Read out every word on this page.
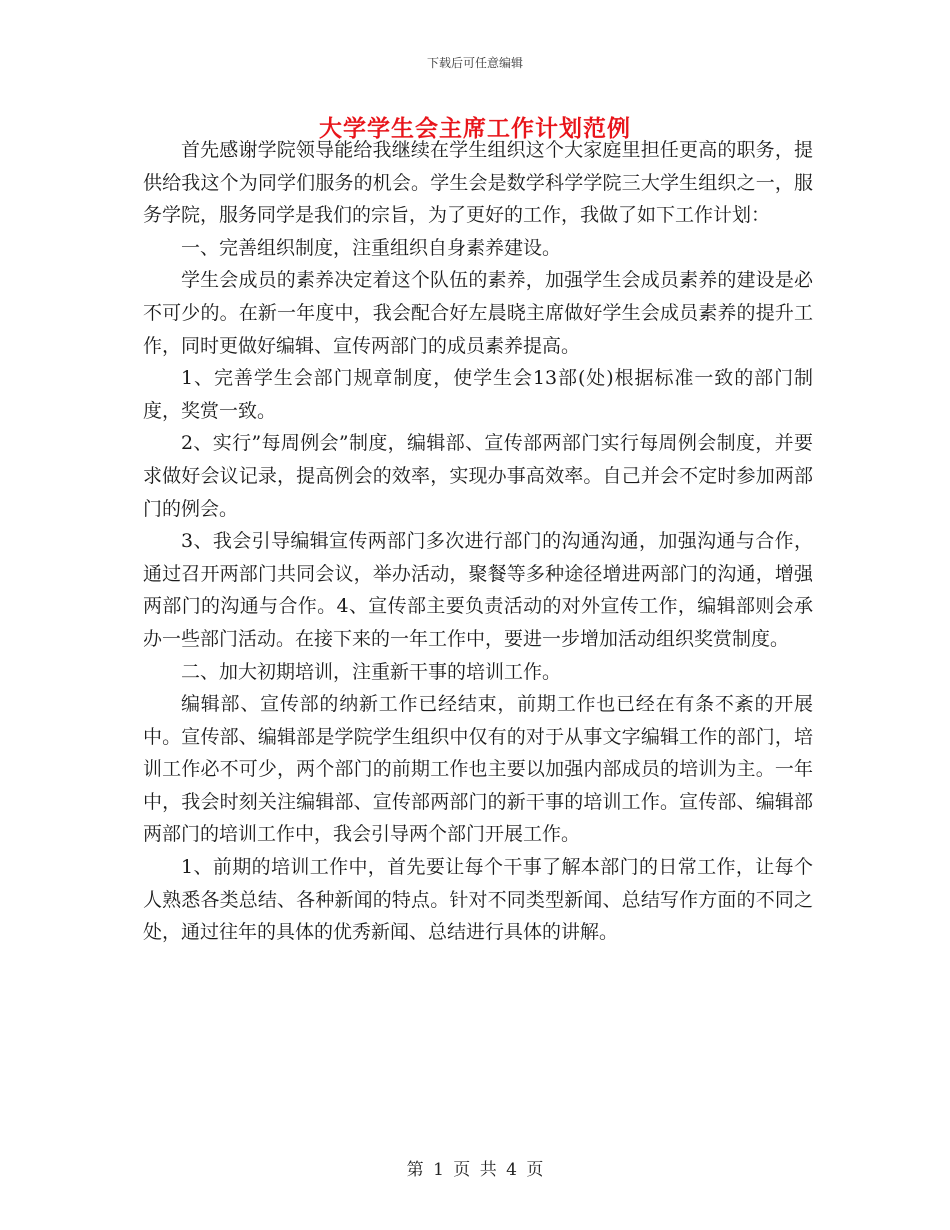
下载后可任意编辑
大学学生会主席工作计划范例

首先感谢学院领导能给我继续在学生组织这个大家庭里担任更高的职务，提供给我这个为同学们服务的机会。学生会是数学科学学院三大学生组织之一，服务学院，服务同学是我们的宗旨，为了更好的工作，我做了如下工作计划：

一、完善组织制度，注重组织自身素养建设。

学生会成员的素养决定着这个队伍的素养，加强学生会成员素养的建设是必不可少的。在新一年度中，我会配合好左晨晓主席做好学生会成员素养的提升工作，同时更做好编辑、宣传两部门的成员素养提高。

1、完善学生会部门规章制度，使学生会13部(处)根据标准一致的部门制度，奖赏一致。

2、实行”每周例会”制度，编辑部、宣传部两部门实行每周例会制度，并要求做好会议记录，提高例会的效率，实现办事高效率。自己并会不定时参加两部门的例会。

3、我会引导编辑宣传两部门多次进行部门的沟通沟通，加强沟通与合作，通过召开两部门共同会议，举办活动，聚餐等多种途径增进两部门的沟通，增强两部门的沟通与合作。4、宣传部主要负责活动的对外宣传工作，编辑部则会承办一些部门活动。在接下来的一年工作中，要进一步增加活动组织奖赏制度。

二、加大初期培训，注重新干事的培训工作。

编辑部、宣传部的纳新工作已经结束，前期工作也已经在有条不紊的开展中。宣传部、编辑部是学院学生组织中仅有的对于从事文字编辑工作的部门，培训工作必不可少，两个部门的前期工作也主要以加强内部成员的培训为主。一年中，我会时刻关注编辑部、宣传部两部门的新干事的培训工作。宣传部、编辑部两部门的培训工作中，我会引导两个部门开展工作。

1、前期的培训工作中，首先要让每个干事了解本部门的日常工作，让每个人熟悉各类总结、各种新闻的特点。针对不同类型新闻、总结写作方面的不同之处，通过往年的具体的优秀新闻、总结进行具体的讲解。

第 1 页 共 4 页
